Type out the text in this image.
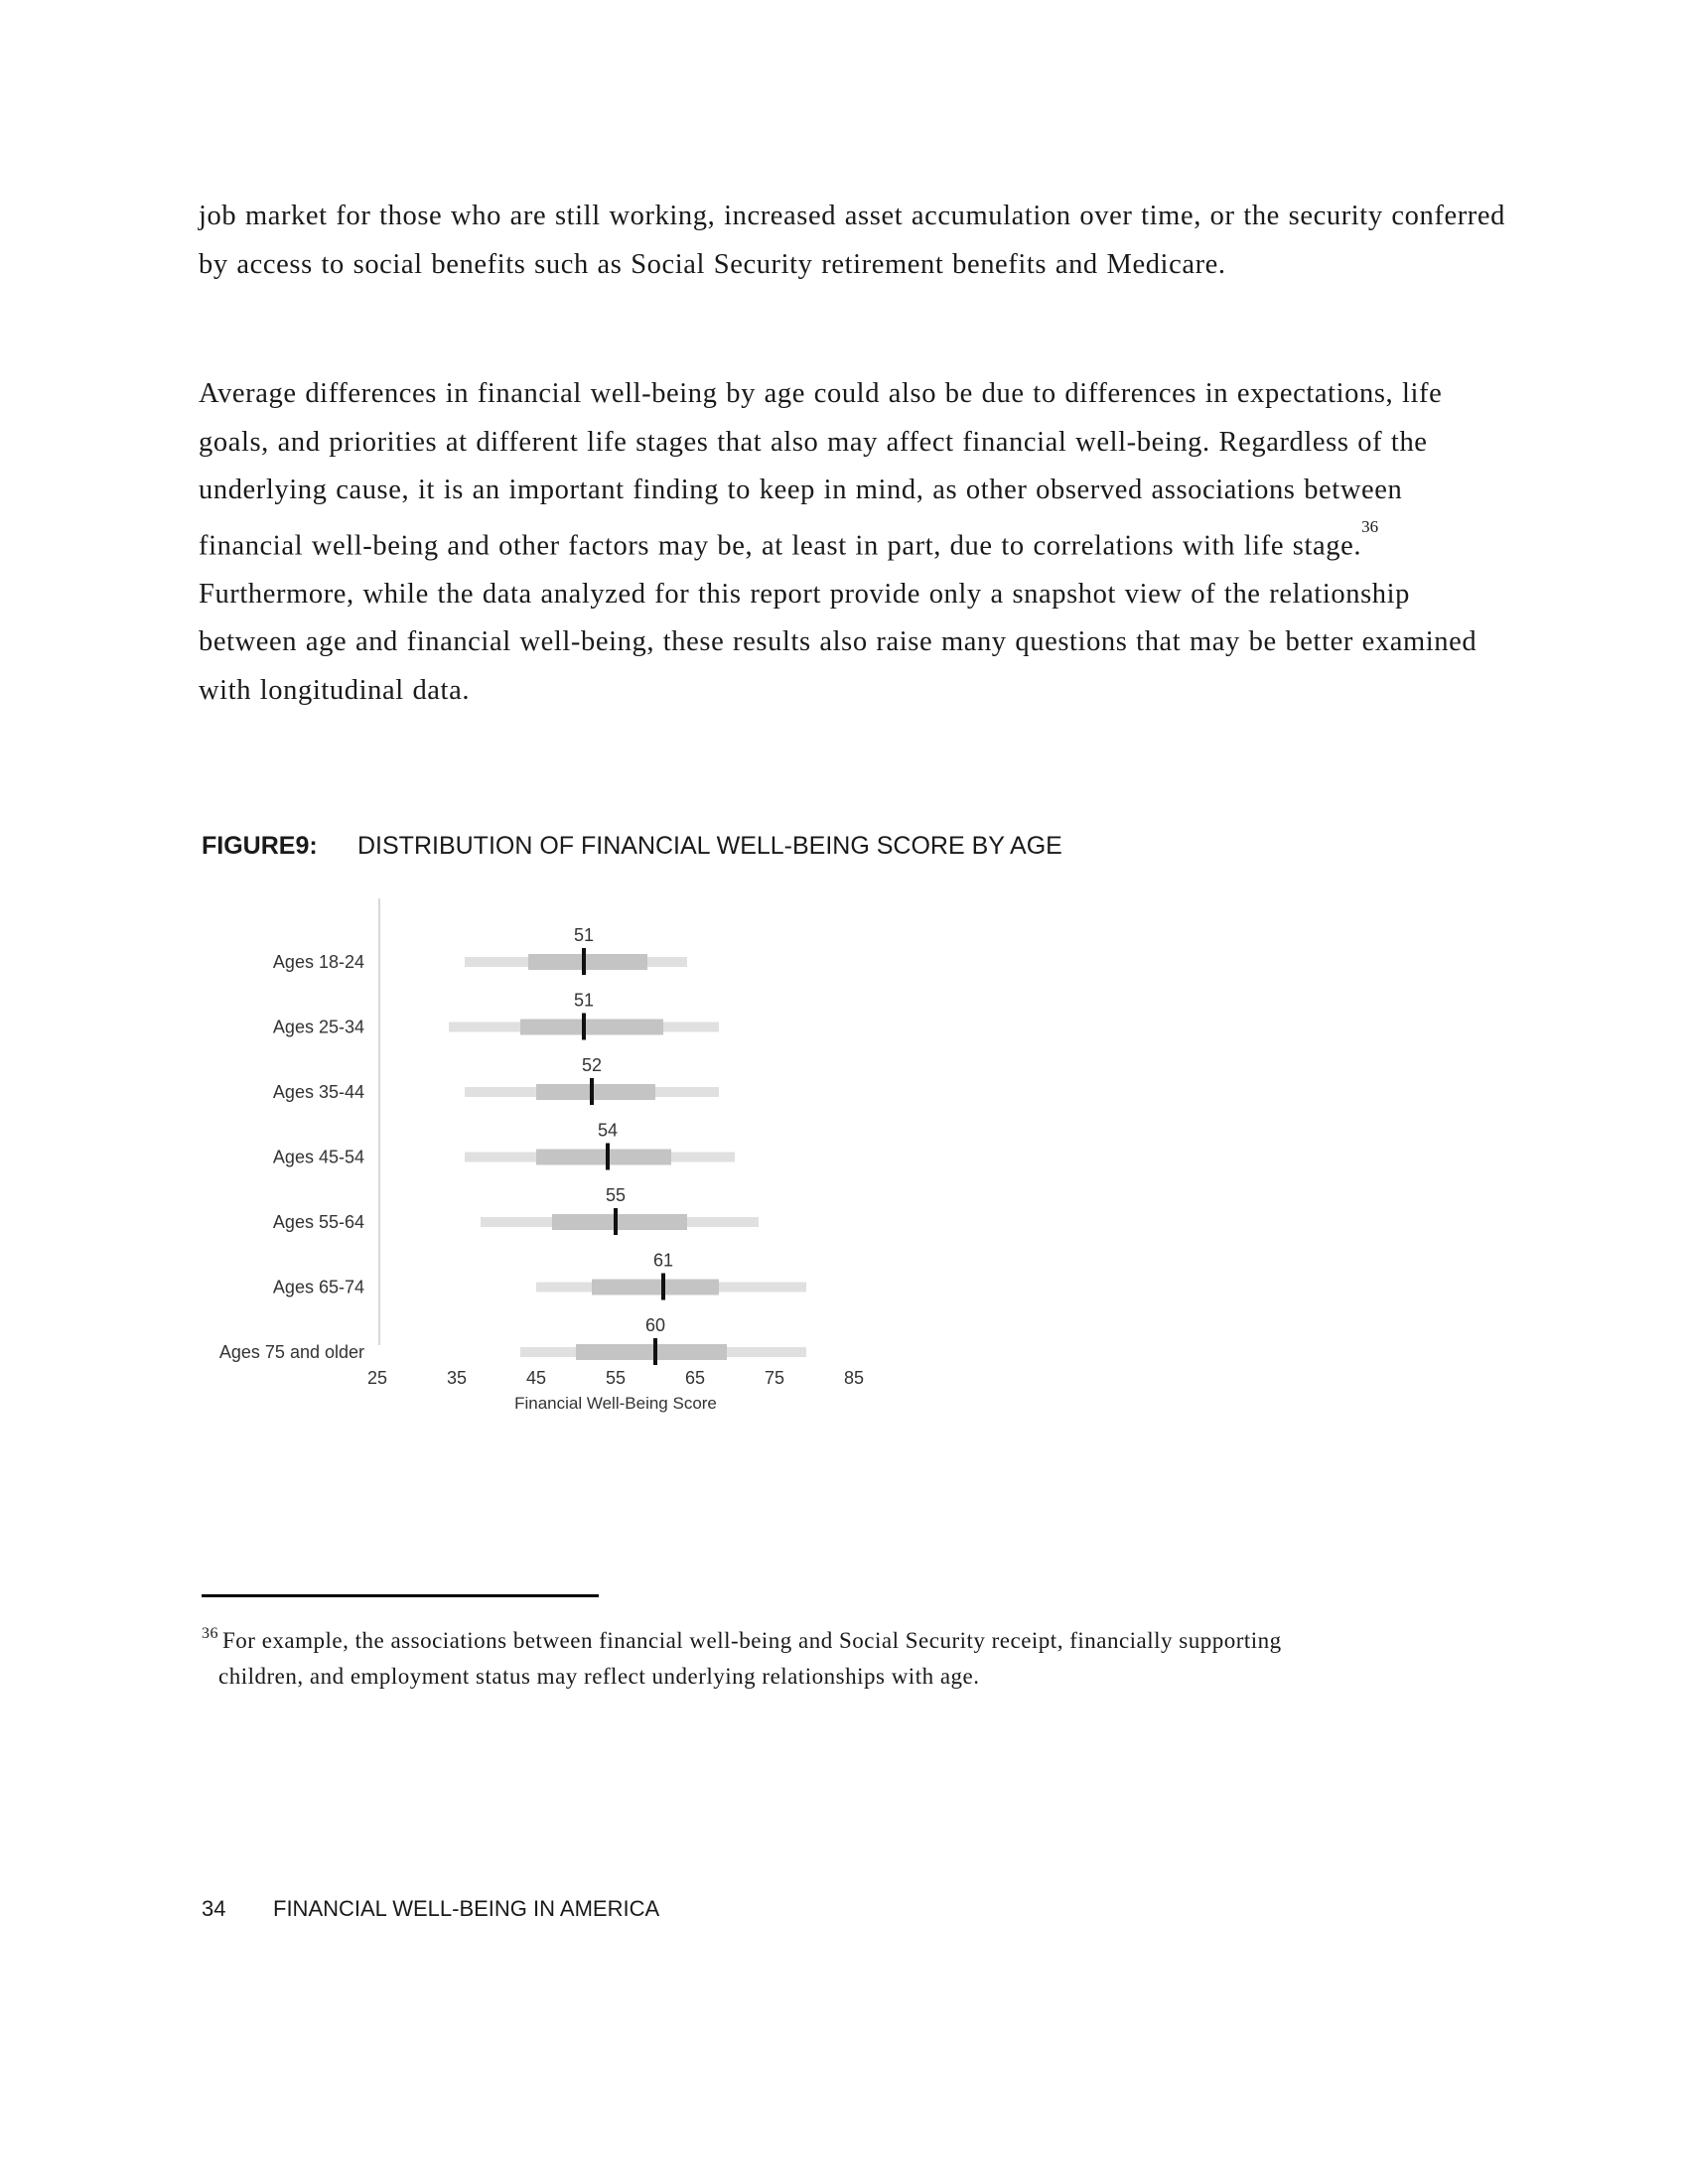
job market for those who are still working, increased asset accumulation over time, or the security conferred by access to social benefits such as Social Security retirement benefits and Medicare.

Average differences in financial well-being by age could also be due to differences in expectations, life goals, and priorities at different life stages that also may affect financial well-being. Regardless of the underlying cause, it is an important finding to keep in mind, as other observed associations between financial well-being and other factors may be, at least in part, due to correlations with life stage.$^{36}$ Furthermore, while the data analyzed for this report provide only a snapshot view of the relationship between age and financial well-being, these results also raise many questions that may be better examined with longitudinal data.

FIGURE9: DISTRIBUTION OF FINANCIAL WELL-BEING SCORE BY AGE
Ages 18-24
51
Ages 25-34
51
Ages 35-44
52
Ages 45-54
54
Ages 55-64
55
Ages 65-74
61
Ages 75 and older
60
25	35	45	55	65	75	85
Financial Well-Being Score
$^{36}$ For example, the associations between financial well-being and Social Security receipt, financially supporting
children, and employment status may reflect underlying relationships with age.
34 FINANCIAL WELL-BEING IN AMERICA
